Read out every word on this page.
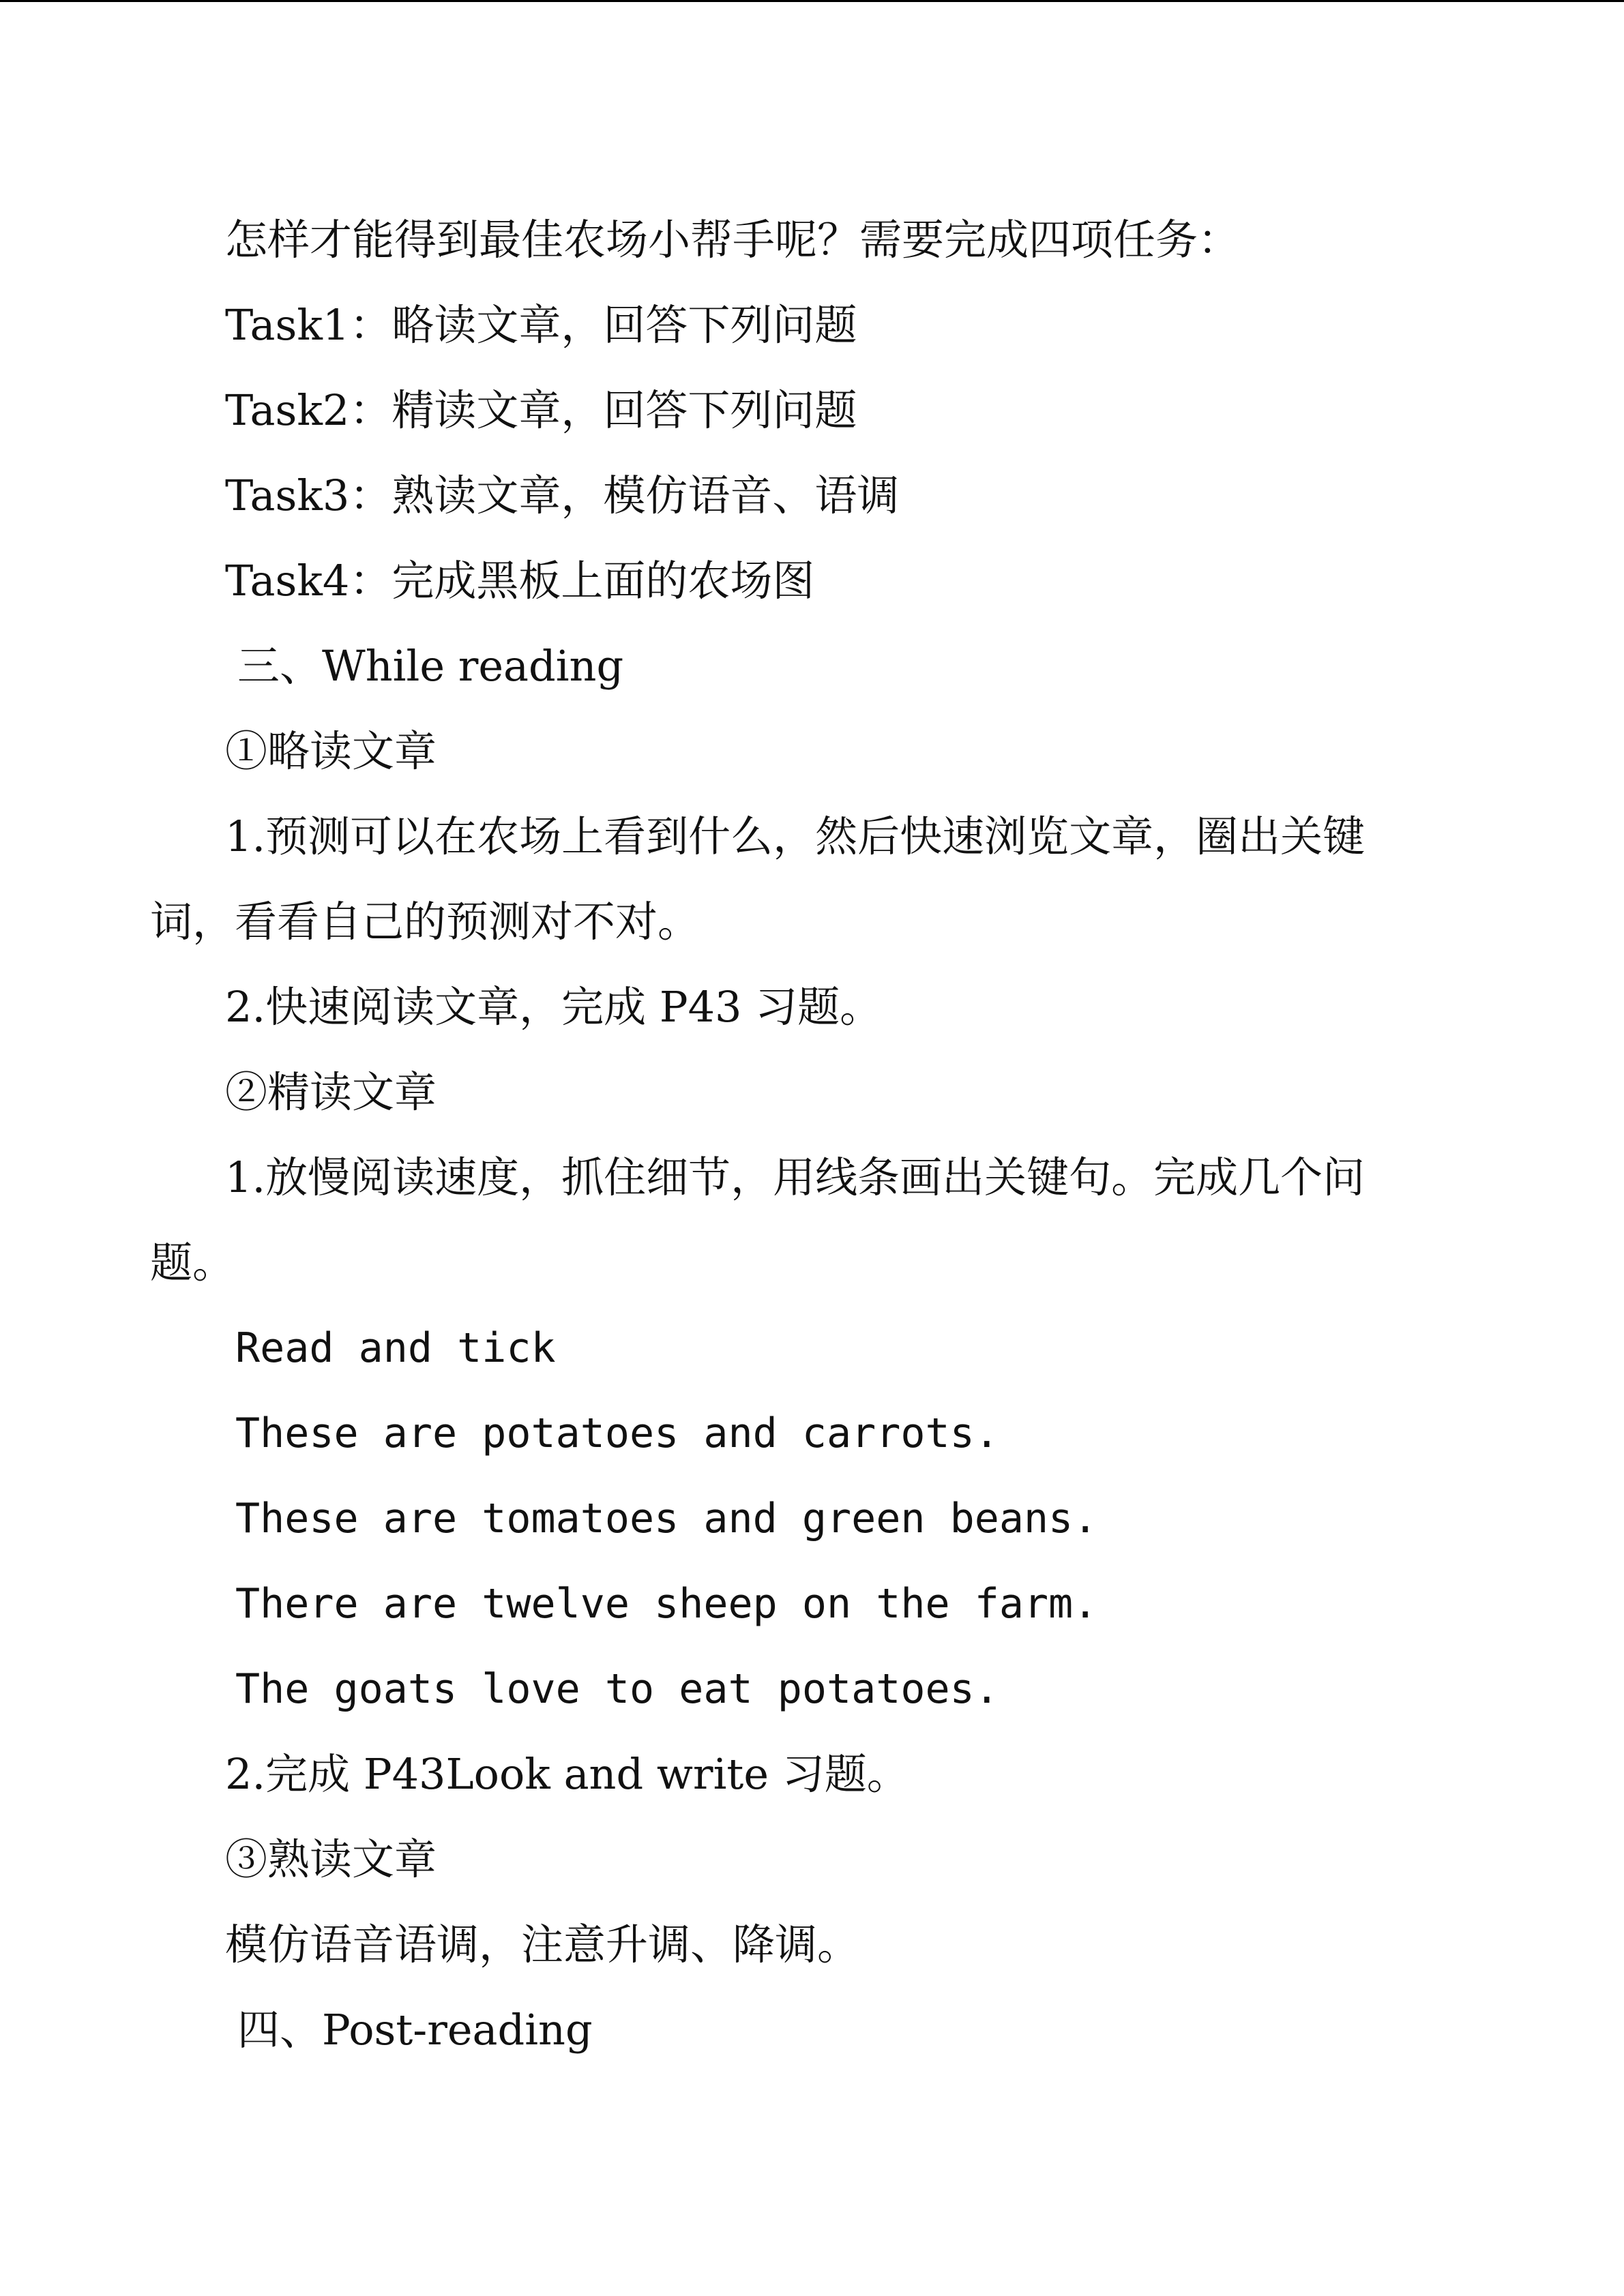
怎样才能得到最佳农场小帮手呢？需要完成四项任务：
Task1：略读文章，回答下列问题
Task2：精读文章，回答下列问题
Task3：熟读文章，模仿语音、语调
Task4：完成黑板上面的农场图
三、While reading
①略读文章
1.预测可以在农场上看到什么，然后快速浏览文章，圈出关键
词，看看自己的预测对不对。
2.快速阅读文章，完成 P43 习题。
②精读文章
1.放慢阅读速度，抓住细节，用线条画出关键句。完成几个问
题。
Read and tick
These are potatoes and carrots.
These are tomatoes and green beans.
There are twelve sheep on the farm.
The goats love to eat potatoes.
2.完成 P43Look and write 习题。
③熟读文章
模仿语音语调，注意升调、降调。
四、Post-reading
